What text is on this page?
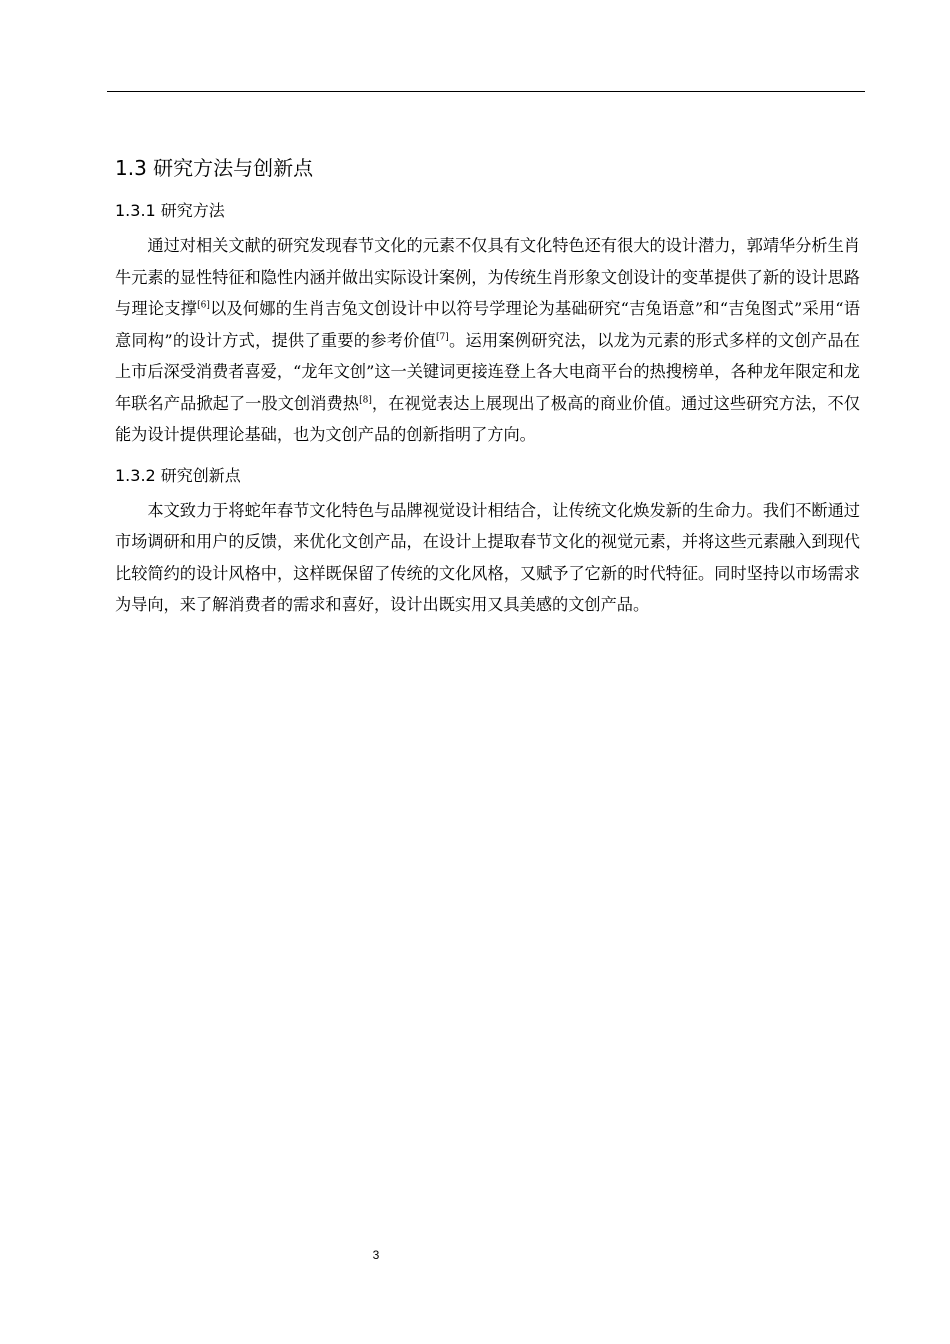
1.3 研究方法与创新点
1.3.1 研究方法

通过对相关文献的研究发现春节文化的元素不仅具有文化特色还有很大的设计潜力，郭靖华分析生肖牛元素的显性特征和隐性内涵并做出实际设计案例，为传统生肖形象文创设计的变革提供了新的设计思路与理论支撑[6]以及何娜的生肖吉兔文创设计中以符号学理论为基础研究“吉兔语意”和“吉兔图式”采用“语意同构”的设计方式，提供了重要的参考价值[7]。运用案例研究法，以龙为元素的形式多样的文创产品在上市后深受消费者喜爱，“龙年文创”这一关键词更接连登上各大电商平台的热搜榜单，各种龙年限定和龙年联名产品掀起了一股文创消费热[8]，在视觉表达上展现出了极高的商业价值。通过这些研究方法，不仅能为设计提供理论基础，也为文创产品的创新指明了方向。

1.3.2 研究创新点

本文致力于将蛇年春节文化特色与品牌视觉设计相结合，让传统文化焕发新的生命力。我们不断通过市场调研和用户的反馈，来优化文创产品，在设计上提取春节文化的视觉元素，并将这些元素融入到现代比较简约的设计风格中，这样既保留了传统的文化风格，又赋予了它新的时代特征。同时坚持以市场需求为导向，来了解消费者的需求和喜好，设计出既实用又具美感的文创产品。

3
